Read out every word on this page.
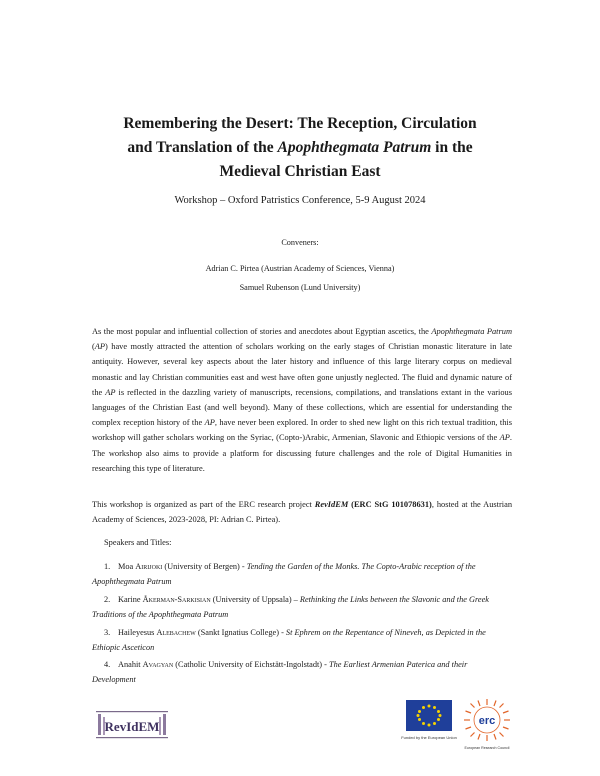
Remembering the Desert: The Reception, Circulation
and Translation of the Apophthegmata Patrum in the
Medieval Christian East
Workshop – Oxford Patristics Conference, 5-9 August 2024
Conveners:
Adrian C. Pirtea (Austrian Academy of Sciences, Vienna)
Samuel Rubenson (Lund University)
As the most popular and influential collection of stories and anecdotes about Egyptian ascetics, the Apophthegmata Patrum (AP) have mostly attracted the attention of scholars working on the early stages of Christian monastic literature in late antiquity. However, several key aspects about the later history and influence of this large literary corpus on medieval monastic and lay Christian communities east and west have often gone unjustly neglected. The fluid and dynamic nature of the AP is reflected in the dazzling variety of manuscripts, recensions, compilations, and translations extant in the various languages of the Christian East (and well beyond). Many of these collections, which are essential for understanding the complex reception history of the AP, have never been explored. In order to shed new light on this rich textual tradition, this workshop will gather scholars working on the Syriac, (Copto-)Arabic, Armenian, Slavonic and Ethiopic versions of the AP. The workshop also aims to provide a platform for discussing future challenges and the role of Digital Humanities in researching this type of literature.
This workshop is organized as part of the ERC research project RevIdEM (ERC StG 101078631), hosted at the Austrian Academy of Sciences, 2023-2028, PI: Adrian C. Pirtea).
Speakers and Titles:
1. Moa Airijoki (University of Bergen) - Tending the Garden of the Monks. The Copto-Arabic reception of the Apophthegmata Patrum
2. Karine Åkerman-Sarkisian (University of Uppsala) – Rethinking the Links between the Slavonic and the Greek Traditions of the Apophthegmata Patrum
3. Haileyesus Alebachew (Sankt Ignatius College) - St Ephrem on the Repentance of Nineveh, as Depicted in the Ethiopic Asceticon
4. Anahit Avagyan (Catholic University of Eichstätt-Ingolstadt) - The Earliest Armenian Paterica and their Development
RevIdEM
Funded by the European Union
erc
European Research Council
